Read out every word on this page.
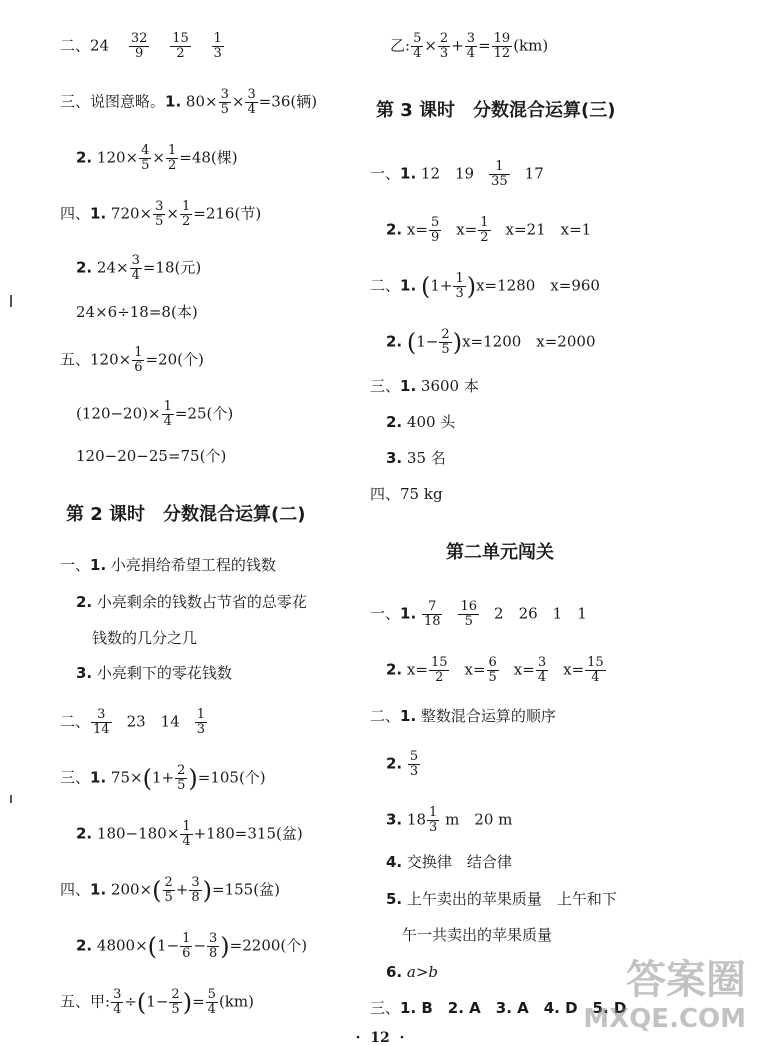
二、$24 \frac{32}{9}$
$\frac{15}{2}$
$\frac{1}{3}$
三、说图意略。1. $80\times \frac{3}{5} \times \frac{3}{4} =36$(辆)
2. $120\times \frac{4}{5} \times \frac{1}{2} =48$(棵)
四、1. $720\times \frac{3}{5} \times \frac{1}{2} =216$(节)
2. $24\times \frac{3}{4} =18$(元)
24×6÷18=8(本)
五、$120\times \frac{1}{6} =20$(个)
$(120-20)\times \frac{1}{4} =25$(个)
120−20−25=75(个)
第 2 课时　分数混合运算(二)
一、1. 小亮捐给希望工程的钱数
2. 小亮剩余的钱数占节省的总零花
钱数的几分之几
3. 小亮剩下的零花钱数
二、 $\frac{3}{14} 23$　$14 \frac{1}{3}$
三、1. $75\times(1+ \frac{2}{5} )=105$(个)
2. $180-180\times \frac{1}{4} +180=315$(盆)
四、1. $200\times( \frac{2}{5} + \frac{3}{8} )=155$(盆)
2. $4800\times(1- \frac{1}{6} - \frac{3}{8} )=2200$(个)
五、甲: $\frac{3}{4} \div(1- \frac{2}{5}$ )= $\frac{5}{4} (km)$
乙: $\frac{5}{4} \times \frac{2}{3} + \frac{3}{4} = \frac{19}{12} (km)$
第 3 课时　分数混合运算(三)
一、1. 12　$19 \frac{1}{35} 17$
2. $x= \frac{5}{9} x= \frac{1}{2} x=21$　x=1
二、1. $(1+ \frac{1}{3} )x=1280$　x=960
2. $(1- \frac{2}{5} )x=1200$　x=2000
三、1. 3600 本
2. 400 头
3. 35 名
四、75 kg
第二单元闯关
一、1. $\frac{7}{18} \frac{16}{5} 2$　26　1　1
2. $x= \frac{15}{2} x= \frac{6}{5} x= \frac{3}{4} x= \frac{15}{4}$
二、1. 整数混合运算的顺序
2. $\frac{5}{3}$
3. $18 \frac{1}{3}$ m　20 m
4. 交换律　结合律
5. 上午卖出的苹果质量　上午和下
午一共卖出的苹果质量
6. a>b
三、1. B　2. A　3. A　4. D　5. D
答案圈
MXQE.COM
·  12  ·
